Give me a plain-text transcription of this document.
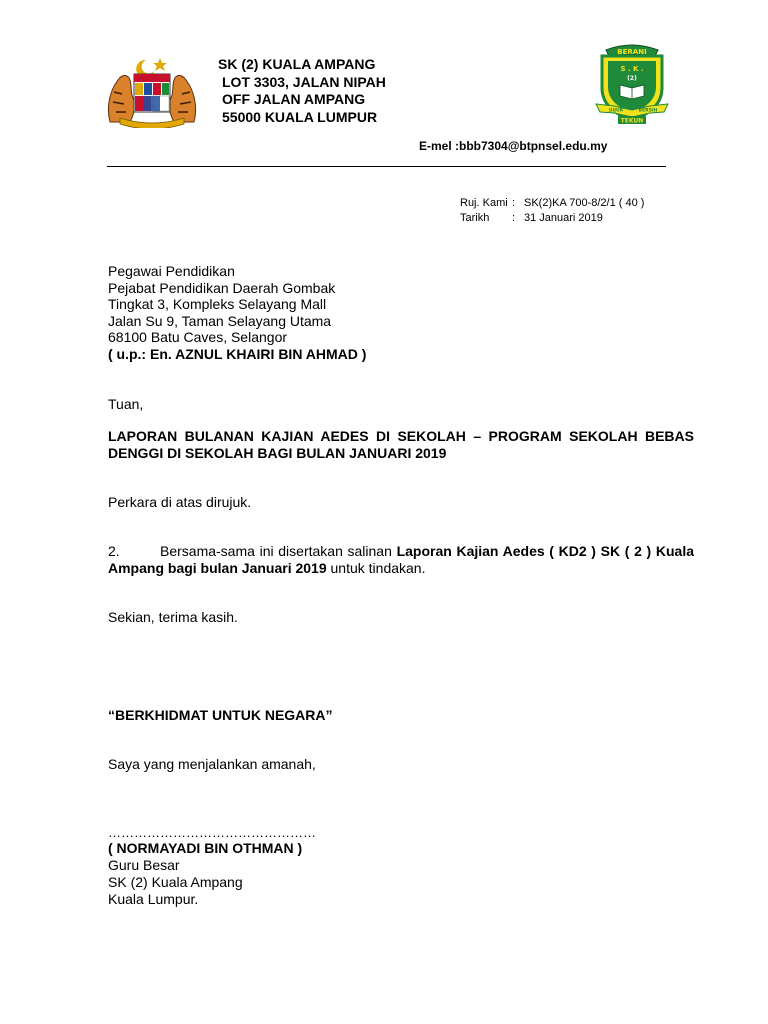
SK (2) KUALA AMPANG
LOT 3303, JALAN NIPAH
OFF JALAN AMPANG
55000 KUALA LUMPUR
BERANI
S . K .
(2)
JUJUR	BERSIH
TEKUN
E-mel :bbb7304@btpnsel.edu.my
Ruj. Kami : SK(2)KA 700-8/2/1 ( 40 )
Tarikh : 31 Januari 2019
Pegawai Pendidikan
Pejabat Pendidikan Daerah Gombak
Tingkat 3, Kompleks Selayang Mall
Jalan Su 9, Taman Selayang Utama
68100 Batu Caves, Selangor
( u.p.: En. AZNUL KHAIRI BIN AHMAD )
Tuan,
LAPORAN BULANAN KAJIAN AEDES DI SEKOLAH – PROGRAM SEKOLAH BEBAS DENGGI DI SEKOLAH BAGI BULAN JANUARI 2019
Perkara di atas dirujuk.
2.	Bersama-sama ini disertakan salinan Laporan Kajian Aedes ( KD2 ) SK ( 2 ) Kuala Ampang bagi bulan Januari 2019 untuk tindakan.
Sekian, terima kasih.
“BERKHIDMAT UNTUK NEGARA”
Saya yang menjalankan amanah,
…………………………………………
( NORMAYADI BIN OTHMAN )
Guru Besar
SK (2) Kuala Ampang
Kuala Lumpur.
